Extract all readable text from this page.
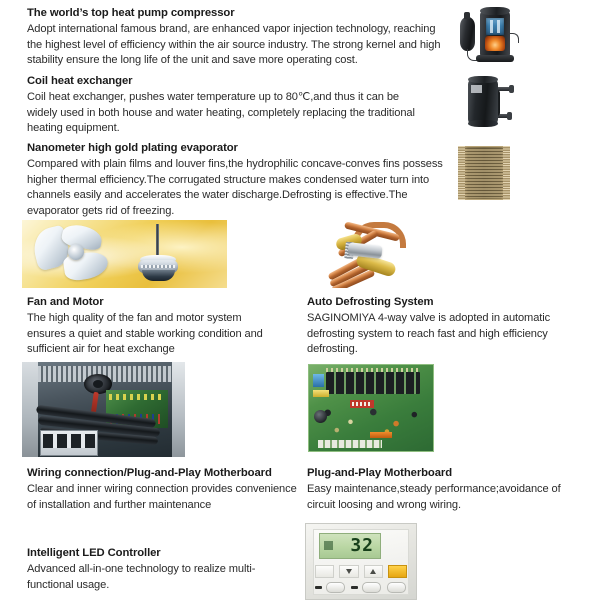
The world’s top heat pump compressor

Adopt international famous brand, are enhanced vapor injection technology, reaching the highest level of efficiency within the air source industry. The strong kernel and high stability ensure the long life of the unit and save more operating cost.

Coil heat exchanger

Coil heat exchanger, pushes water temperature up to 80℃,and thus it can be widely used in both house and water heating, completely replacing the traditional heating equipment.

Nanometer high gold plating evaporator

Compared with plain films and louver fins,the hydrophilic concave-conves fins possess higher thermal efficiency.The corrugated structure makes condensed water turn into channels easily and accelerates the water discharge.Defrosting is effective.The evaporator gets rid of freezing.

Fan and Motor

The high quality of the fan and motor system ensures a quiet and stable working condition and sufficient air for heat exchange

Auto Defrosting System

SAGINOMIYA 4-way valve is adopted in automatic defrosting system to reach fast and high efficiency defrosting.

Wiring connection/Plug-and-Play Motherboard

Clear and inner wiring connection provides convenience of installation and further maintenance

Plug-and-Play Motherboard

Easy maintenance,steady performance;avoidance of circuit loosing and wrong wiring.

Intelligent LED Controller

Advanced all-in-one technology to realize multi-functional usage.

32
